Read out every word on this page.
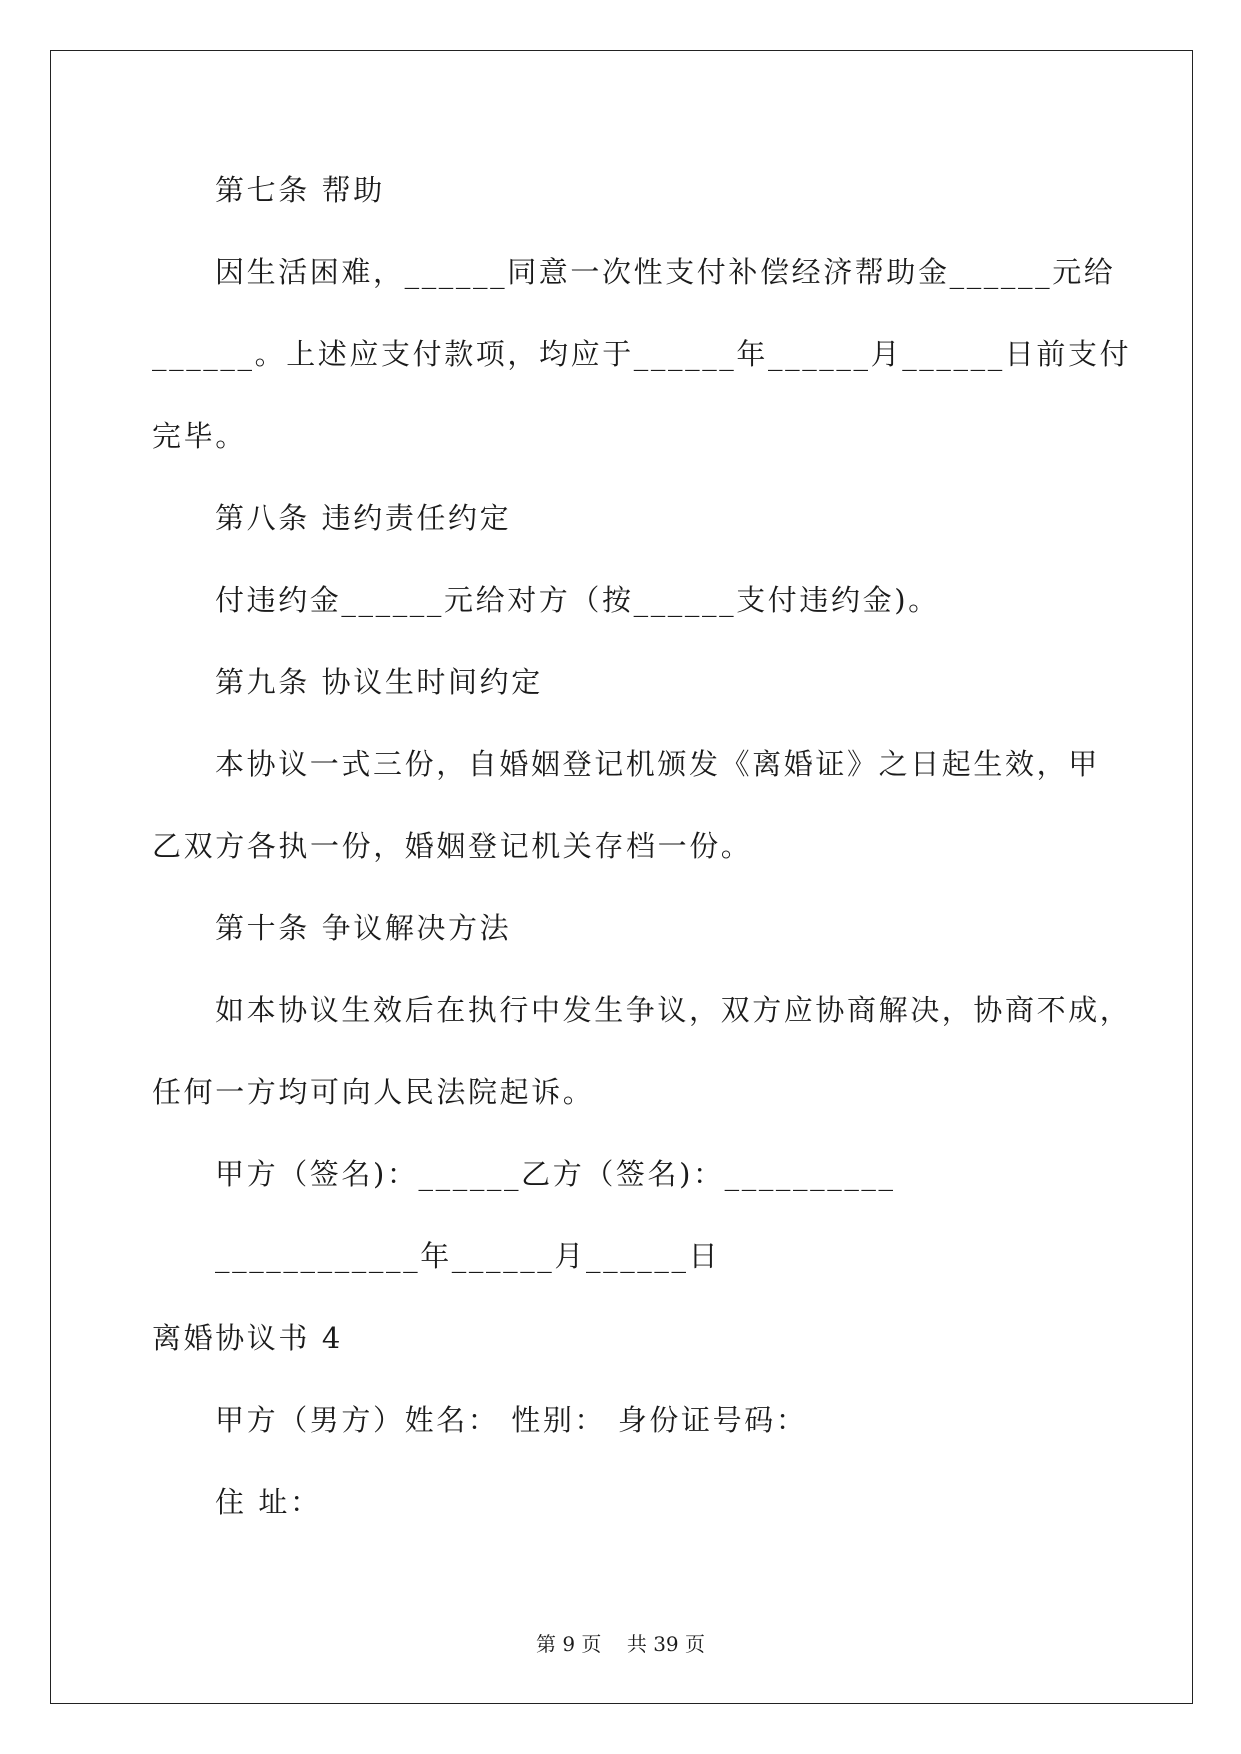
第七条 帮助
因生活困难，______同意一次性支付补偿经济帮助金______元给
______。上述应支付款项，均应于______年______月______日前支付
完毕。
第八条 违约责任约定
付违约金______元给对方（按______支付违约金)。
第九条 协议生时间约定
本协议一式三份，自婚姻登记机颁发《离婚证》之日起生效，甲
乙双方各执一份，婚姻登记机关存档一份。
第十条 争议解决方法
如本协议生效后在执行中发生争议，双方应协商解决，协商不成，
任何一方均可向人民法院起诉。
甲方（签名)：______乙方（签名)：__________
____________年______月______日
离婚协议书 4
甲方（男方）姓名： 性别： 身份证号码：
住 址：
第 9 页    共 39 页
